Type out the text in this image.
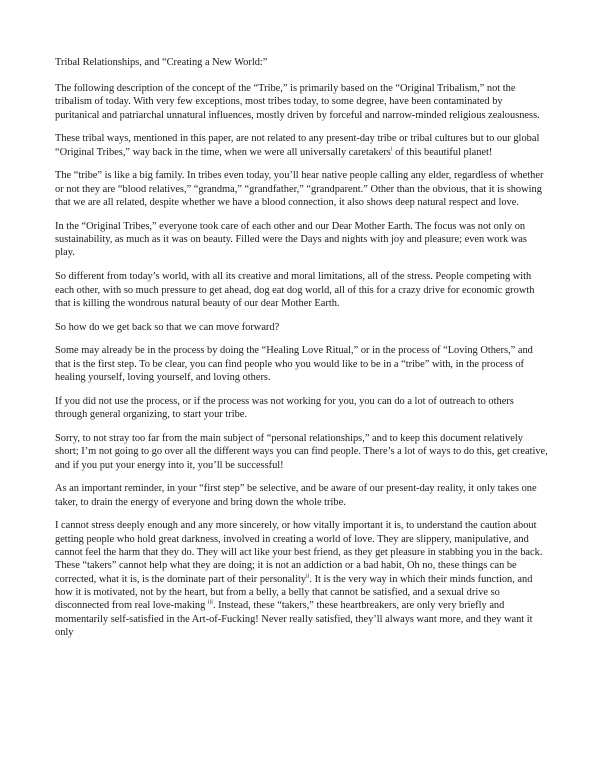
Tribal Relationships, and “Creating a New World:”

The following description of the concept of the “Tribe,” is primarily based on the “Original Tribalism,” not the tribalism of today. With very few exceptions, most tribes today, to some degree, have been contaminated by puritanical and patriarchal unnatural influences, mostly driven by forceful and narrow-minded religious zealousness.

These tribal ways, mentioned in this paper, are not related to any present-day tribe or tribal cultures but to our global “Original Tribes,” way back in the time, when we were all universally caretakers$^i$ of this beautiful planet!

The “tribe” is like a big family. In tribes even today, you’ll hear native people calling any elder, regardless of whether or not they are “blood relatives,” “grandma,” “grandfather,” “grandparent.” Other than the obvious, that it is showing that we are all related, despite whether we have a blood connection, it also shows deep natural respect and love.

In the “Original Tribes,” everyone took care of each other and our Dear Mother Earth. The focus was not only on sustainability, as much as it was on beauty. Filled were the Days and nights with joy and pleasure; even work was play.

So different from today’s world, with all its creative and moral limitations, all of the stress. People competing with each other, with so much pressure to get ahead, dog eat dog world, all of this for a crazy drive for economic growth that is killing the wondrous natural beauty of our dear Mother Earth.

So how do we get back so that we can move forward?

Some may already be in the process by doing the “Healing Love Ritual,” or in the process of “Loving Others,” and that is the first step. To be clear, you can find people who you would like to be in a “tribe” with, in the process of healing yourself, loving yourself, and loving others.

If you did not use the process, or if the process was not working for you, you can do a lot of outreach to others through general organizing, to start your tribe.

Sorry, to not stray too far from the main subject of “personal relationships,” and to keep this document relatively short; I’m not going to go over all the different ways you can find people. There’s a lot of ways to do this, get creative, and if you put your energy into it, you’ll be successful!

As an important reminder, in your “first step” be selective, and be aware of our present-day reality, it only takes one taker, to drain the energy of everyone and bring down the whole tribe.

I cannot stress deeply enough and any more sincerely, or how vitally important it is, to understand the caution about getting people who hold great darkness, involved in creating a world of love. They are slippery, manipulative, and cannot feel the harm that they do. They will act like your best friend, as they get pleasure in stabbing you in the back. These “takers” cannot help what they are doing; it is not an addiction or a bad habit, Oh no, these things can be corrected, what it is, is the dominate part of their personality$^{ii}$. It is the very way in which their minds function, and how it is motivated, not by the heart, but from a belly, a belly that cannot be satisfied, and a sexual drive so disconnected from real love-making $^{iii}$. Instead, these “takers,” these heartbreakers, are only very briefly and momentarily self-satisfied in the Art-of-Fucking! Never really satisfied, they’ll always want more, and they want it only
